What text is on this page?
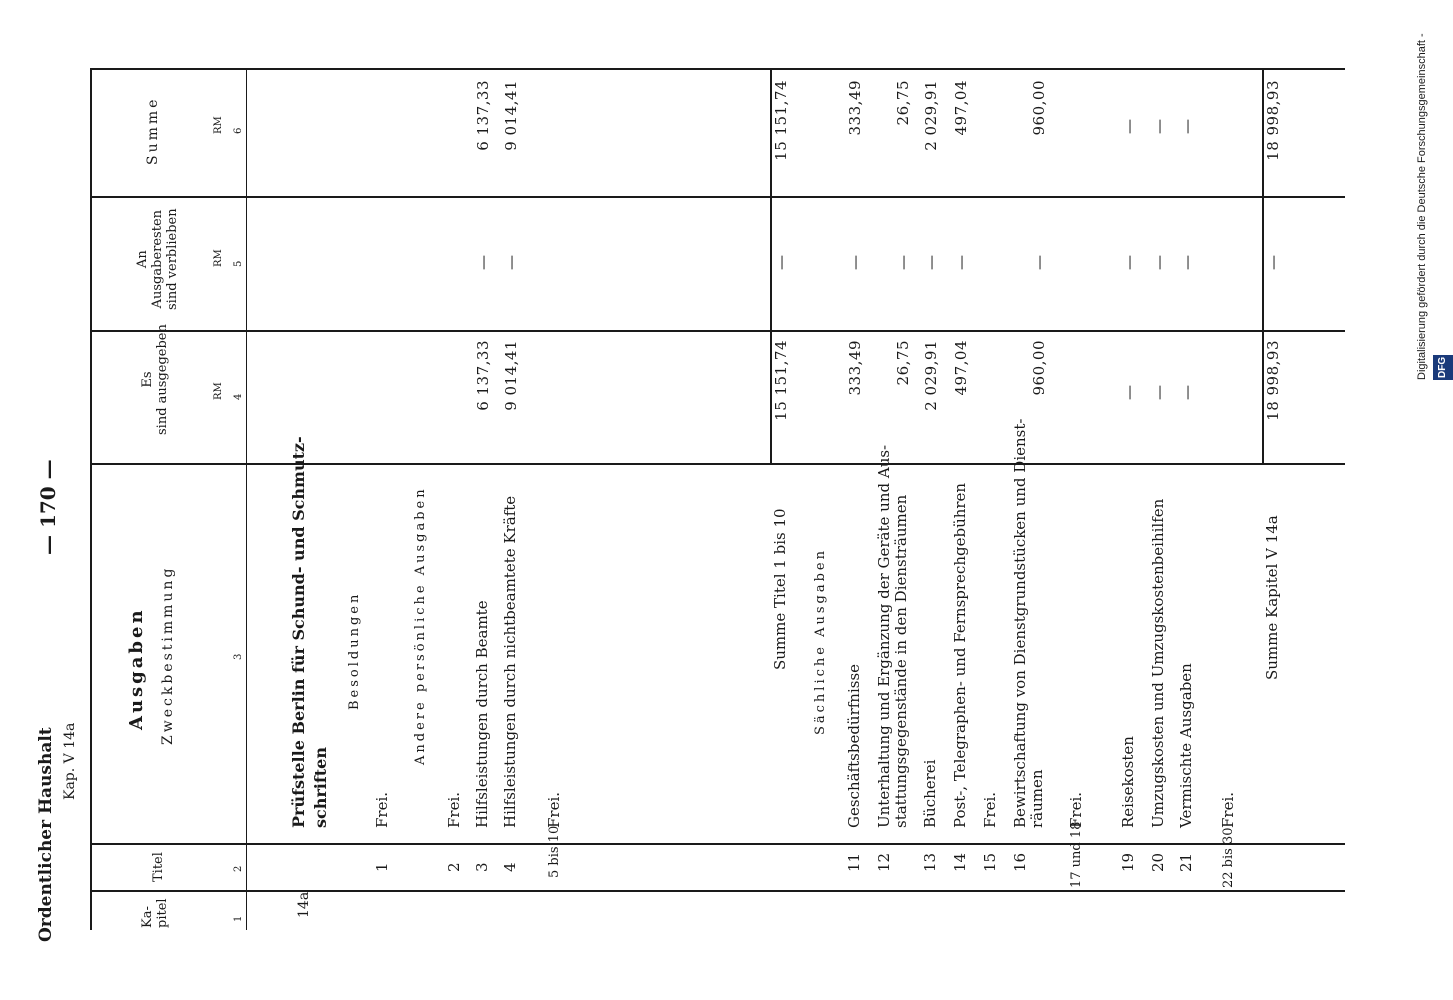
— 170 —
Ordentlicher Haushalt Kap. V 14a
Ka-
pitel
Titel
Ausgaben Zweckbestimmung
Es
sind ausgegeben
An
Ausgaberesten
sind verblieben
Summe
RM
RM
RM
1
2
3
4
5
6
14a
Prüfstelle Berlin für Schund- und Schmutz-
schriften
Besoldungen
1
Frei.
Andere persönliche Ausgaben
2
Frei.
3
Hilfsleistungen durch Beamte
6 137,33
—
6 137,33
4
Hilfsleistungen durch nichtbeamtete Kräfte
9 014,41
—
9 014,41
5 bis 10
Frei.
Summe Titel 1 bis 10
15 151,74
—
15 151,74
Sächliche Ausgaben
11
Geschäftsbedürfnisse
333,49
—
333,49
12
Unterhaltung und Ergänzung der Geräte und Aus-
stattungsgegenstände in den Diensträumen
26,75
—
26,75
13
Bücherei
2 029,91
—
2 029,91
14
Post-, Telegraphen- und Fernsprechgebühren
497,04
—
497,04
15
Frei.
16
Bewirtschaftung von Dienstgrundstücken und Dienst-
räumen
960,00
—
960,00
17 und 18
Frei.
19
Reisekosten
—
—
—
20
Umzugskosten und Umzugskostenbeihilfen
—
—
—
21
Vermischte Ausgaben
—
—
—
22 bis 30
Frei.
Summe Kapitel V 14a
18 998,93
—
18 998,93	Digitalisierung gefördert durch die Deutsche Forschungsgemeinschaft - DFG
